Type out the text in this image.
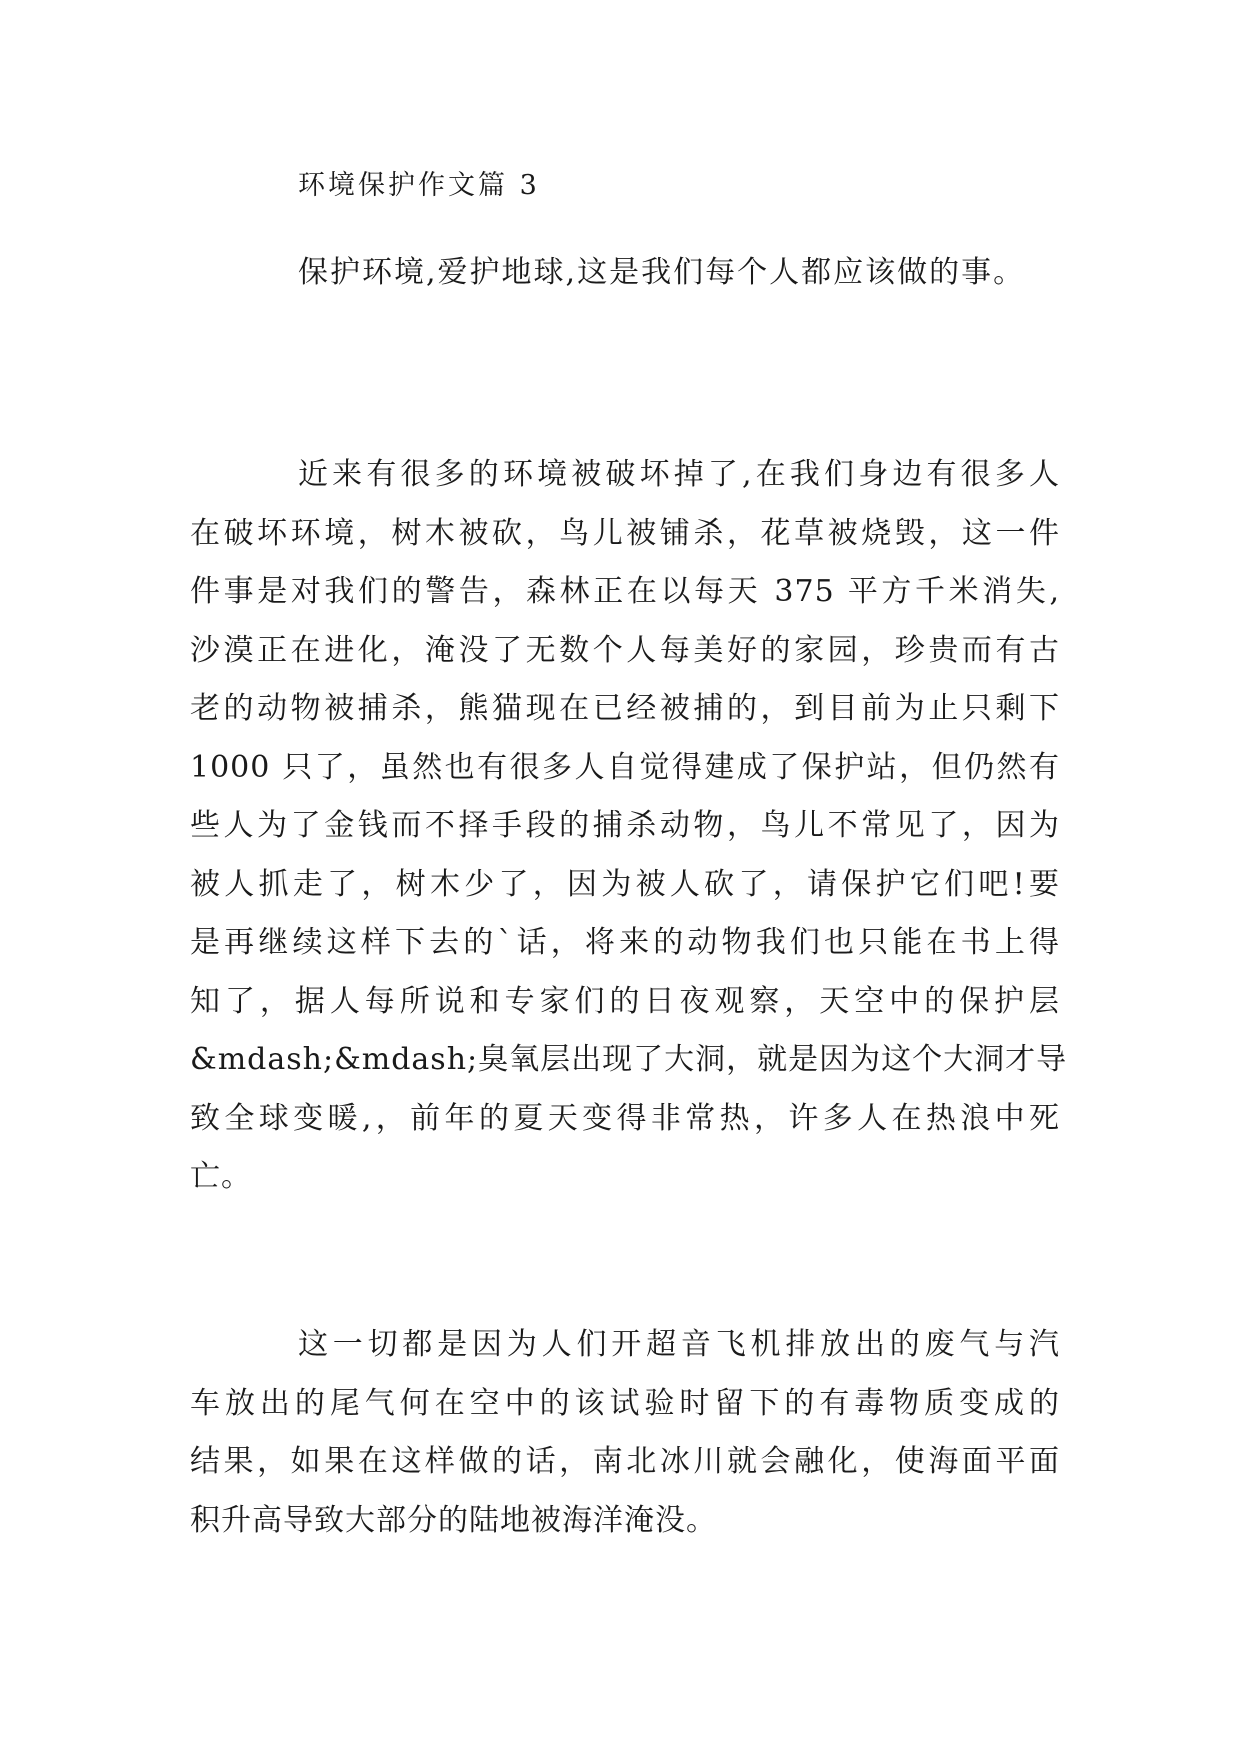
环境保护作文篇 3
保护环境,爱护地球,这是我们每个人都应该做的事。
近来有很多的环境被破坏掉了,在我们身边有很多人
在破坏环境，树木被砍，鸟儿被铺杀，花草被烧毁，这一件
件事是对我们的警告，森林正在以每天 375 平方千米消失,
沙漠正在进化，淹没了无数个人每美好的家园，珍贵而有古
老的动物被捕杀，熊猫现在已经被捕的，到目前为止只剩下
1000 只了，虽然也有很多人自觉得建成了保护站，但仍然有
些人为了金钱而不择手段的捕杀动物，鸟儿不常见了，因为
被人抓走了，树木少了，因为被人砍了，请保护它们吧!要
是再继续这样下去的`话，将来的动物我们也只能在书上得
知了，据人每所说和专家们的日夜观察，天空中的保护层
&mdash;&mdash;臭氧层出现了大洞，就是因为这个大洞才导
致全球变暖,，前年的夏天变得非常热，许多人在热浪中死
亡。
这一切都是因为人们开超音飞机排放出的废气与汽
车放出的尾气何在空中的该试验时留下的有毒物质变成的
结果，如果在这样做的话，南北冰川就会融化，使海面平面
积升高导致大部分的陆地被海洋淹没。
